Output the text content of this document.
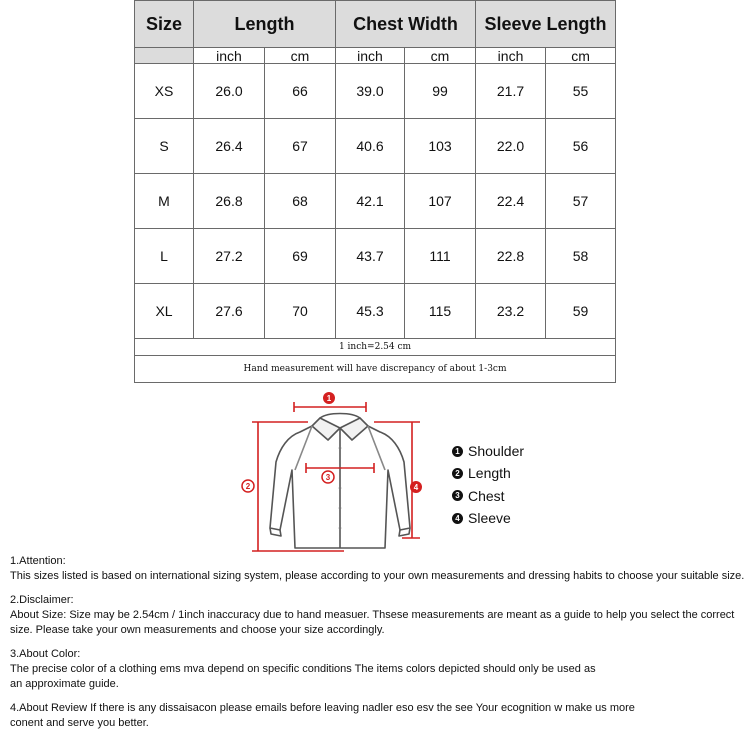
Size	Length		Chest Width		Sleeve Length	
	inch	cm	inch	cm	inch	cm
XS	26.0	66	39.0	99	21.7	55
S	26.4	67	40.6	103	22.0	56
M	26.8	68	42.1	107	22.4	57
L	27.2	69	43.7	111	22.8	58
XL	27.6	70	45.3	115	23.2	59
1 inch=2.54 cm						
Hand measurement will have discrepancy of about 1-3cm						
1
2
3
4
1 Shoulder
2 Length
3 Chest
4 Sleeve
1.Attention:
This sizes listed is based on international sizing system, please according to your own measurements and dressing habits to choose your suitable size.
2.Disclaimer:
About Size: Size may be 2.54cm / 1inch inaccuracy due to hand measuer. Thsese measurements are meant as a guide to help you select the correct size. Please take your own measurements and choose your size accordingly.
3.About Color:
The precise color of a clothing ems mva depend on specific conditions The items colors depicted should only be used as an approximate guide.
4.About Review If there is any dissaisacon please emails before leaving nadler eso esv the see Your ecognition w make us more conent and serve you better.
